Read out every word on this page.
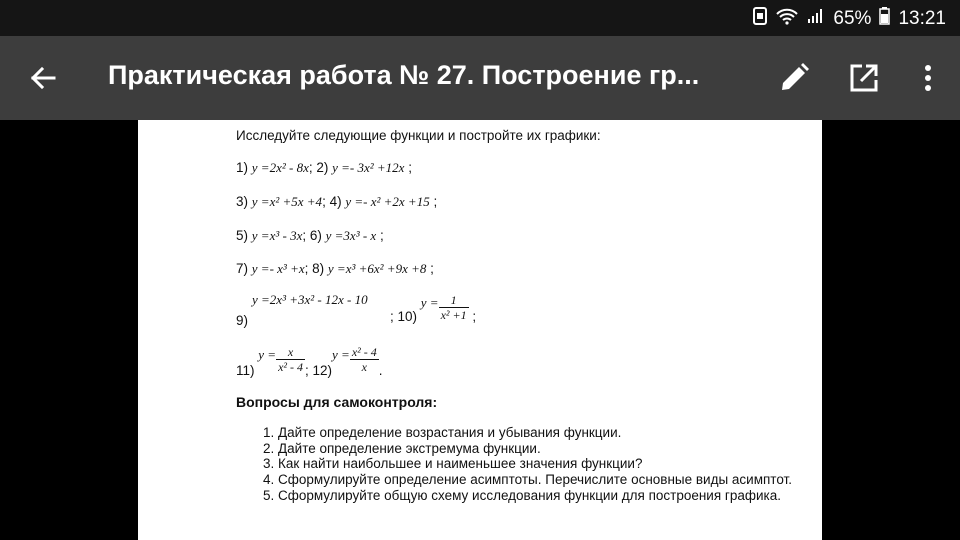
65% 13:21
Практическая работа № 27. Построение гр...
Исследуйте следующие функции и постройте их графики:
1) y =2x² - 8x; 2) y =- 3x² +12x ;
3) y =x² +5x +4; 4) y =- x² +2x +15 ;
5) y =x³ - 3x; 6) y =3x³ - x ;
7) y =- x³ +x; 8) y =x³ +6x² +9x +8 ;
y =2x³ +3x² - 12x - 10
9)	; 10) $y = \frac{1}{\text{x² +1}}$ ;
11) $y = \frac{x}{\text{x² - 4}}$ ; $12)y = \frac{\text{x² - 4}}{x}$ .
Вопросы для самоконтроля:
1. Дайте определение возрастания и убывания функции.
2. Дайте определение экстремума функции.
3. Как найти наибольшее и наименьшее значения функции?
4. Сформулируйте определение асимптоты. Перечислите основные виды асимптот.
5. Сформулируйте общую схему исследования функции для построения графика.
